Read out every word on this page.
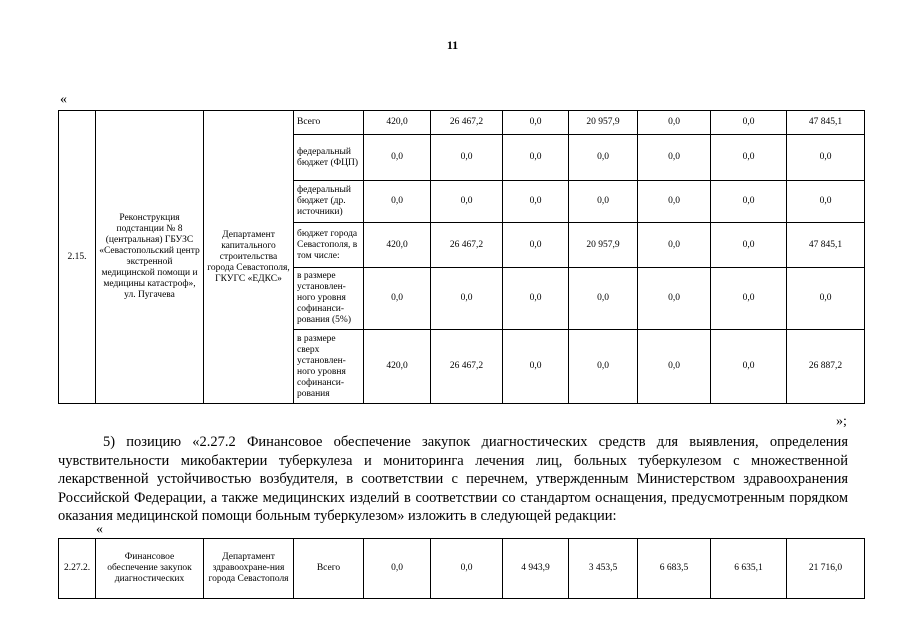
11
«
2.15.	Реконструкция подстанции № 8 (центральная) ГБУЗС «Севастопольский центр экстренной медицинской помощи и медицины катастроф», ул. Пугачева	Департамент капитального строительства города Севастополя, ГКУГС «ЕДКС»	Всего	420,0	26 467,2	0,0	20 957,9	0,0	0,0	47 845,1
			федеральный бюджет (ФЦП)	0,0	0,0	0,0	0,0	0,0	0,0	0,0
			федеральный бюджет (др. источники)	0,0	0,0	0,0	0,0	0,0	0,0	0,0
			бюджет города Севастополя, в том числе:	420,0	26 467,2	0,0	20 957,9	0,0	0,0	47 845,1
			в размере установлен-ного уровня софинанси-рования (5%)	0,0	0,0	0,0	0,0	0,0	0,0	0,0
			в размере сверх установлен-ного уровня софинанси-рования	420,0	26 467,2	0,0	0,0	0,0	0,0	26 887,2
»;
5) позицию «2.27.2 Финансовое обеспечение закупок диагностических средств для выявления, определения чувствительности микобактерии туберкулеза и мониторинга лечения лиц, больных туберкулезом с множественной лекарственной устойчивостью возбудителя, в соответствии с перечнем, утвержденным Министерством здравоохранения Российской Федерации, а также медицинских изделий в соответствии со стандартом оснащения, предусмотренным порядком оказания медицинской помощи больным туберкулезом» изложить в следующей редакции:
«
2.27.2.	Финансовое обеспечение закупок диагностических	Департамент здравоохране-ния города Севастополя	Всего	0,0	0,0	4 943,9	3 453,5	6 683,5	6 635,1	21 716,0
